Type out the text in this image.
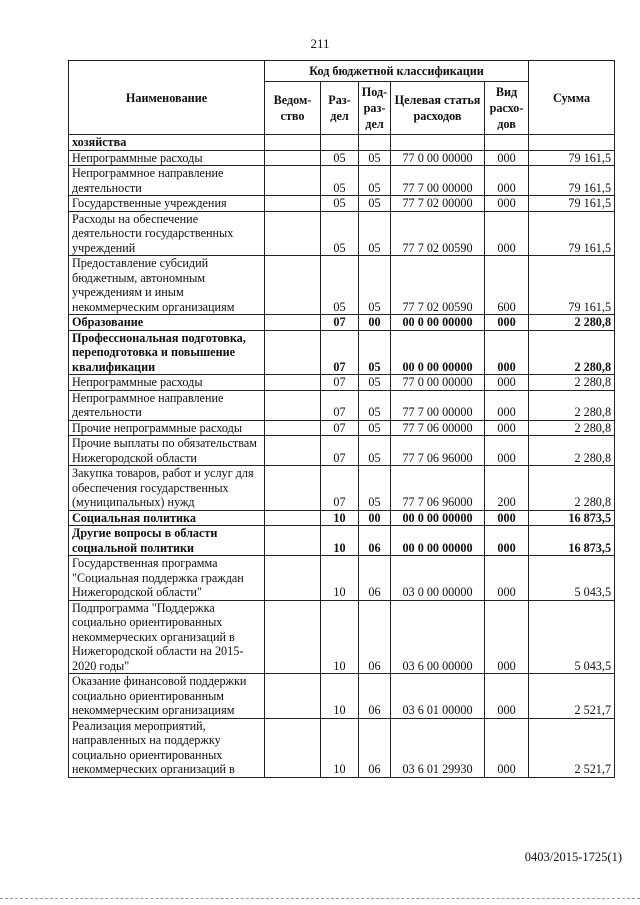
211
Наименование	Код бюджетной классификации					Сумма
	Ведом-ство	Раз-дел	Под-раз-дел	Целевая статья расходов	Вид расхо-дов	
хозяйства						
Непрограммные расходы		05	05	77 0 00 00000	000	79 161,5
Непрограммное направление деятельности		05	05	77 7 00 00000	000	79 161,5
Государственные учреждения		05	05	77 7 02 00000	000	79 161,5
Расходы на обеспечение деятельности государственных учреждений		05	05	77 7 02 00590	000	79 161,5
Предоставление субсидий бюджетным, автономным учреждениям и иным некоммерческим организациям		05	05	77 7 02 00590	600	79 161,5
Образование		07	00	00 0 00 00000	000	2 280,8
Профессиональная подготовка, переподготовка и повышение квалификации		07	05	00 0 00 00000	000	2 280,8
Непрограммные расходы		07	05	77 0 00 00000	000	2 280,8
Непрограммное направление деятельности		07	05	77 7 00 00000	000	2 280,8
Прочие непрограммные расходы		07	05	77 7 06 00000	000	2 280,8
Прочие выплаты по обязательствам Нижегородской области		07	05	77 7 06 96000	000	2 280,8
Закупка товаров, работ и услуг для обеспечения государственных (муниципальных) нужд		07	05	77 7 06 96000	200	2 280,8
Социальная политика		10	00	00 0 00 00000	000	16 873,5
Другие вопросы в области социальной политики		10	06	00 0 00 00000	000	16 873,5
Государственная программа "Социальная поддержка граждан Нижегородской области"		10	06	03 0 00 00000	000	5 043,5
Подпрограмма "Поддержка социально ориентированных некоммерческих организаций в Нижегородской области на 2015-2020 годы"		10	06	03 6 00 00000	000	5 043,5
Оказание финансовой поддержки социально ориентированным некоммерческим организациям		10	06	03 6 01 00000	000	2 521,7
Реализация мероприятий, направленных на поддержку социально ориентированных некоммерческих организаций в		10	06	03 6 01 29930	000	2 521,7
0403/2015-1725(1)
